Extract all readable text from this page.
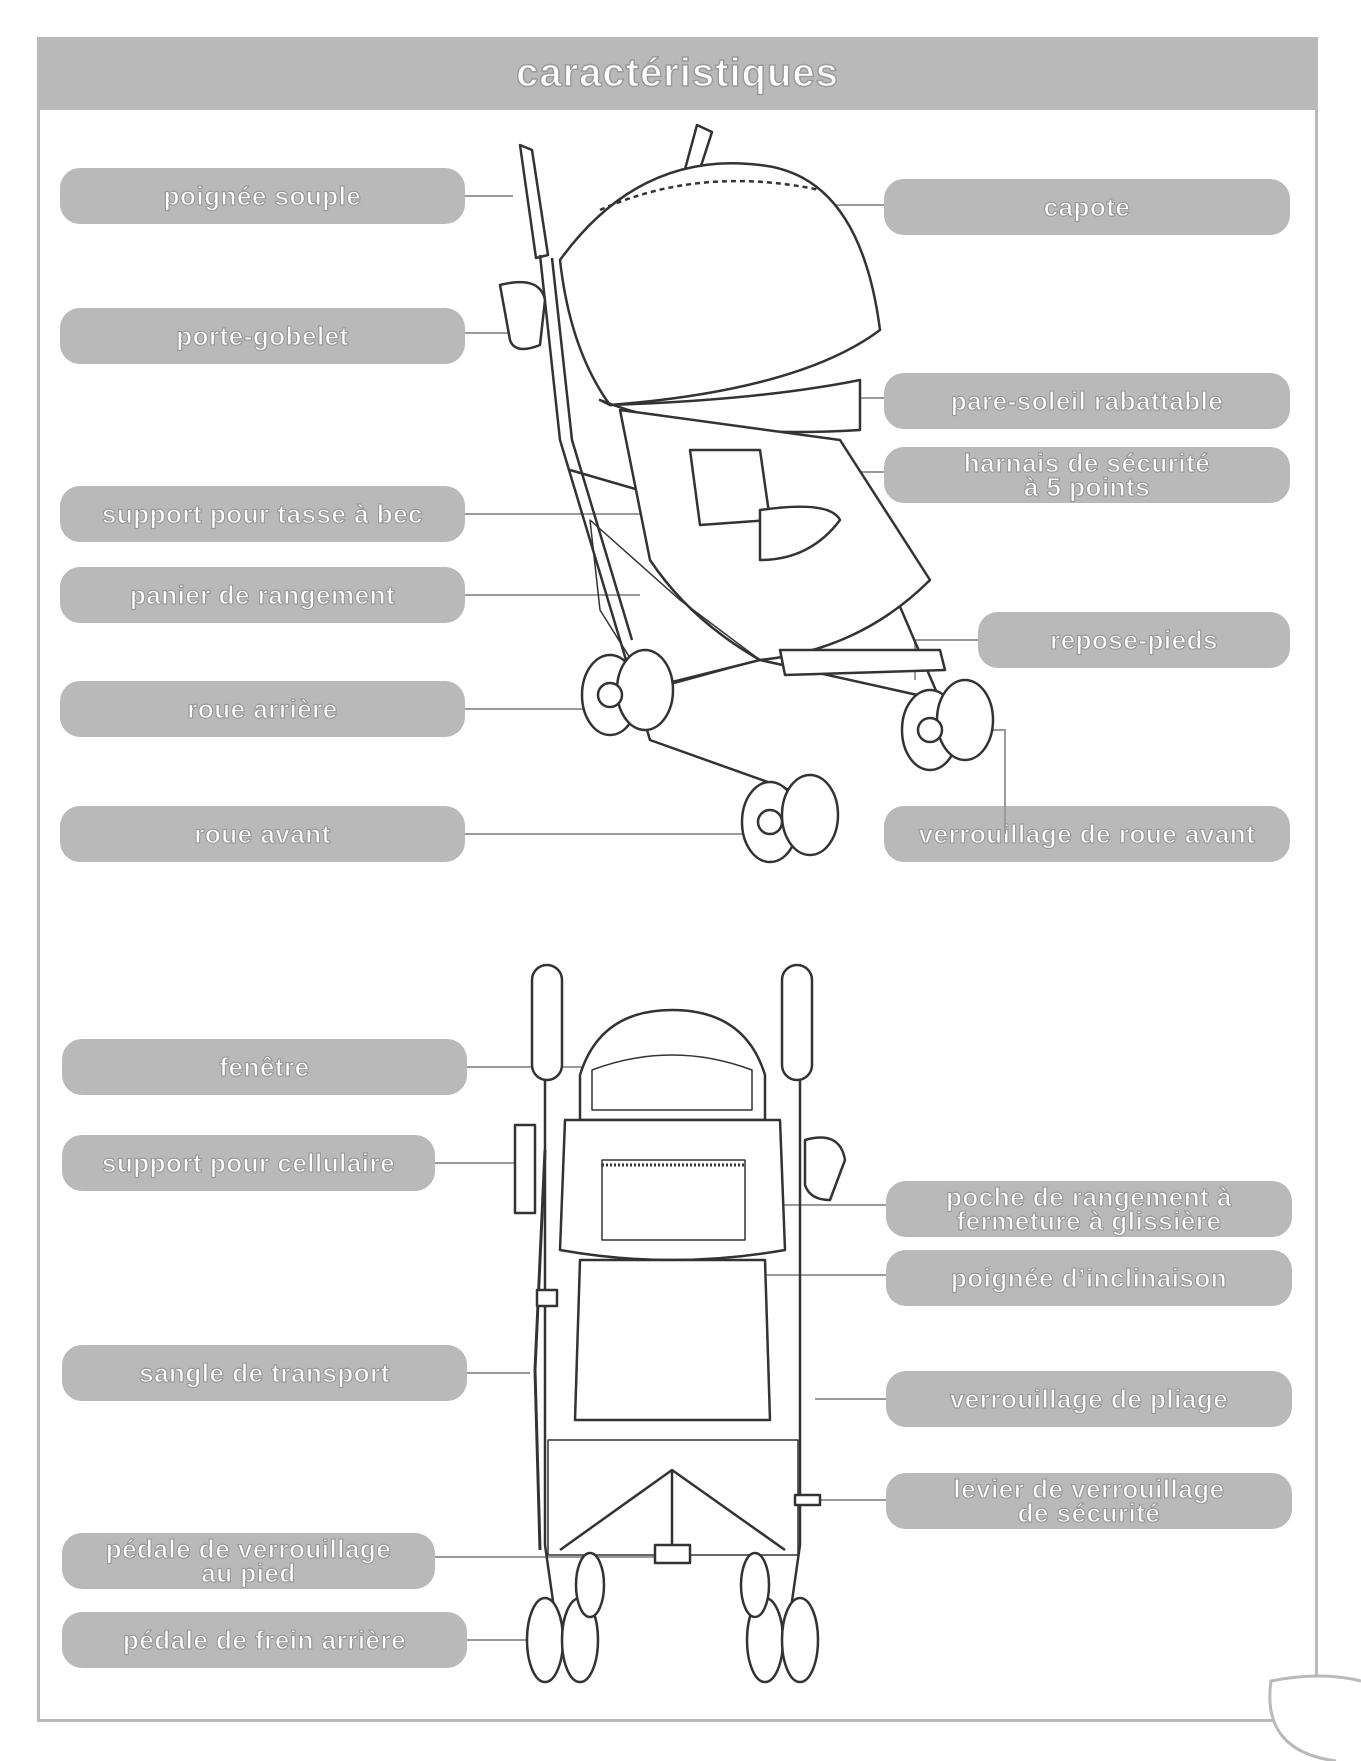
caractéristiques
poignée souple
porte-gobelet
support pour tasse à bec
panier de rangement
roue arrière
roue avant
capote
pare-soleil rabattable
harnais de sécurité
à 5 points
repose-pieds
verrouillage de roue avant
fenêtre
support pour cellulaire
sangle de transport
pédale de verrouillage
au pied
pédale de frein arrière
poche de rangement à
fermeture à glissière
poignée d’inclinaison
verrouillage de pliage
levier de verrouillage
de sécurité
